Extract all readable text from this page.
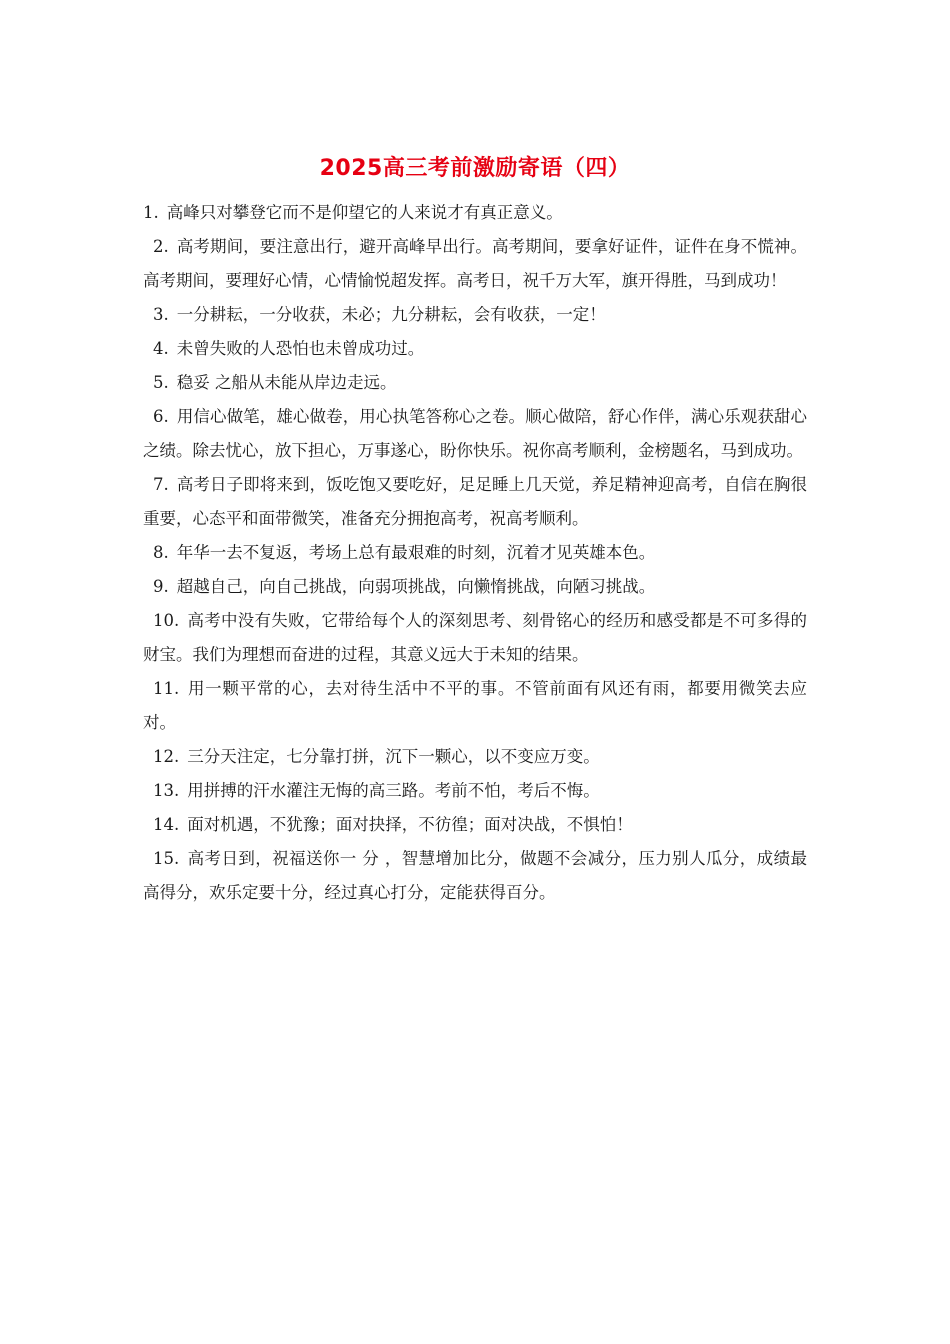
2025高三考前激励寄语（四）

1. 高峰只对攀登它而不是仰望它的人来说才有真正意义。

2. 高考期间，要注意出行，避开高峰早出行。高考期间，要拿好证件，证件在身不慌神。高考期间，要理好心情，心情愉悦超发挥。高考日，祝千万大军，旗开得胜，马到成功！

3. 一分耕耘，一分收获，未必；九分耕耘，会有收获，一定！

4. 未曾失败的人恐怕也未曾成功过。

5. 稳妥 之船从未能从岸边走远。

6. 用信心做笔，雄心做卷，用心执笔答称心之卷。顺心做陪，舒心作伴，满心乐观获甜心之绩。除去忧心，放下担心，万事遂心，盼你快乐。祝你高考顺利，金榜题名，马到成功。

7. 高考日子即将来到，饭吃饱又要吃好，足足睡上几天觉，养足精神迎高考，自信在胸很重要，心态平和面带微笑，准备充分拥抱高考，祝高考顺利。

8. 年华一去不复返，考场上总有最艰难的时刻，沉着才见英雄本色。

9. 超越自己，向自己挑战，向弱项挑战，向懒惰挑战，向陋习挑战。

10. 高考中没有失败，它带给每个人的深刻思考、刻骨铭心的经历和感受都是不可多得的财宝。我们为理想而奋进的过程，其意义远大于未知的结果。

11. 用一颗平常的心，去对待生活中不平的事。不管前面有风还有雨，都要用微笑去应对。

12. 三分天注定，七分靠打拼，沉下一颗心，以不变应万变。

13. 用拼搏的汗水灌注无悔的高三路。考前不怕，考后不悔。

14. 面对机遇，不犹豫；面对抉择，不彷徨；面对决战，不惧怕！

15. 高考日到，祝福送你一 分 ，智慧增加比分，做题不会减分，压力别人瓜分，成绩最高得分，欢乐定要十分，经过真心打分，定能获得百分。
